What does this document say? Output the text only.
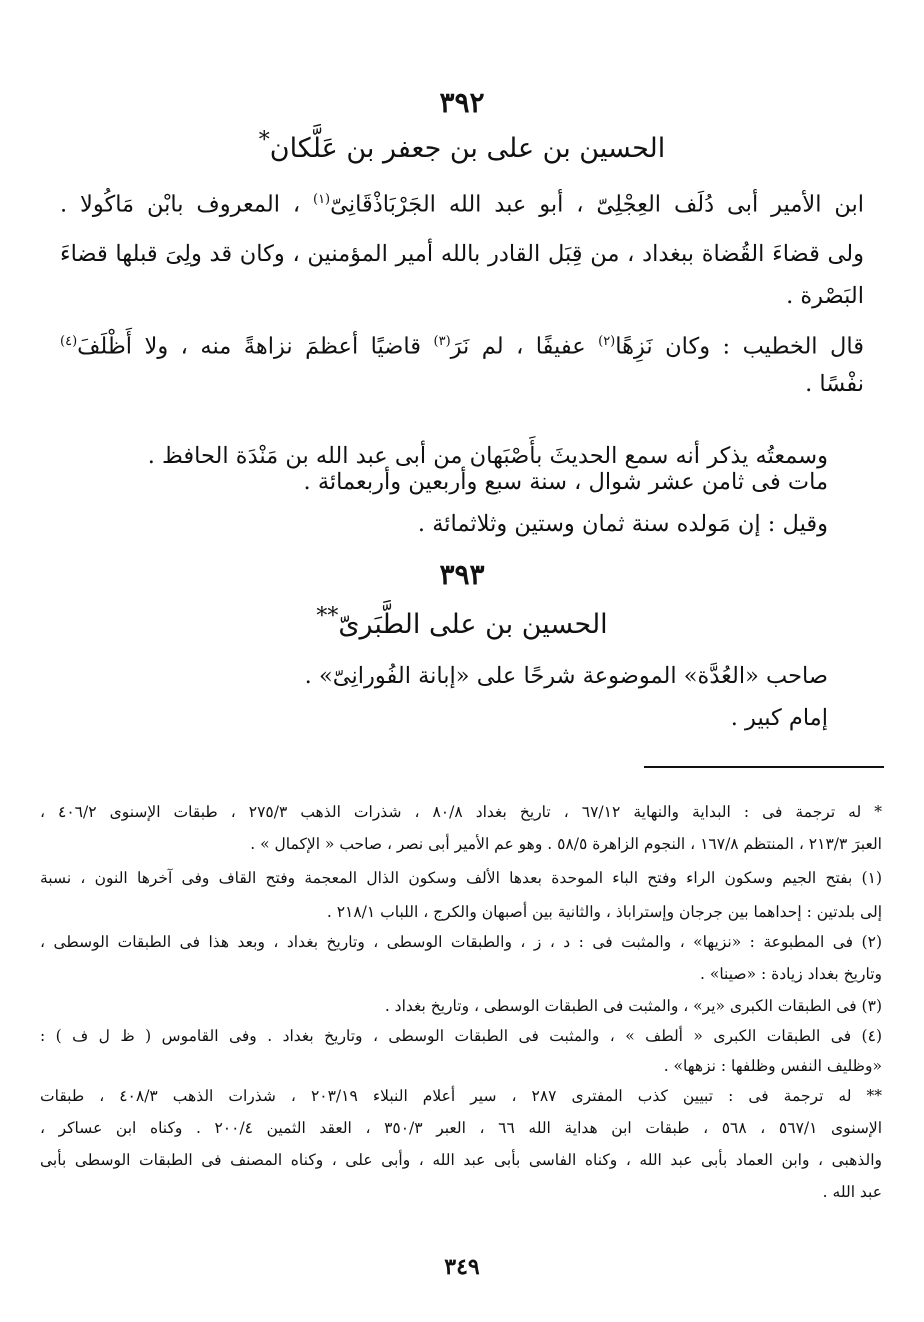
٣٩٢
الحسين بن على بن جعفر بن عَلَّكان*
ابن الأمير أبى دُلَف العِجْلِىّ ، أبو عبد الله الجَرْبَاذْقَانِىّ$^{(١)}$ ، المعروف بابْن مَاكُولا .
ولى قضاءَ القُضاة ببغداد ، من قِبَل القادر بالله أمير المؤمنين ، وكان قد ولِىَ قبلها قضاءَ
البَصْرة .
قال الخطيب : وكان نَزِهًا$^{(٢)}$ عفيفًا ، لم نَرَ$^{(٣)}$ قاضيًا أعظمَ نزاهةً منه ، ولا أَظْلَفَ$^{(٤)}$
نفْسًا .
وسمعتُه يذكر أنه سمع الحديثَ بأَصْبَهان من أبى عبد الله بن مَنْدَة الحافظ .
مات فى ثامن عشر شوال ، سنة سبع وأربعين وأربعمائة .
وقيل : إن مَولده سنة ثمان وستين وثلاثمائة .
٣٩٣
الحسين بن على الطَّبَرىّ**
صاحب «العُدَّة» الموضوعة شرحًا على «إبانة الفُورانِىّ» .
إمام كبير .
* له ترجمة فى : البداية والنهاية ٦٧/١٢ ، تاريخ بغداد ٨٠/٨ ، شذرات الذهب ٢٧٥/٣ ، طبقات الإسنوى ٤٠٦/٢ ،
العبرَ ٢١٣/٣ ، المنتظم ١٦٧/٨ ، النجوم الزاهرة ٥٨/٥ . وهو عم الأمير أبى نصر ، صاحب « الإكمال » .
(١) بفتح الجيم وسكون الراء وفتح الباء الموحدة بعدها الألف وسكون الذال المعجمة وفتح القاف وفى آخرها النون ، نسبة
إلى بلدتين : إحداهما بين جرجان وإستراباذ ، والثانية بين أصبهان والكرج ، اللباب ٢١٨/١ .
(٢) فى المطبوعة : «نزيها» ، والمثبت فى : د ، ز ، والطبقات الوسطى ، وتاريخ بغداد ، وبعد هذا فى الطبقات الوسطى ،
وتاريخ بغداد زيادة : «صينا» .
(٣) فى الطبقات الكبرى «ير» ، والمثبت فى الطبقات الوسطى ، وتاريخ بغداد .
(٤) فى الطبقات الكبرى « ألطف » ، والمثبت فى الطبقات الوسطى ، وتاريخ بغداد . وفى القاموس ( ظ ل ف ) :
«وظليف النفس وظلفها : نزهها» .
** له ترجمة فى : تبيين كذب المفترى ٢٨٧ ، سير أعلام النبلاء ٢٠٣/١٩ ، شذرات الذهب ٤٠٨/٣ ، طبقات
الإسنوى ٥٦٧/١ ، ٥٦٨ ، طبقات ابن هداية الله ٦٦ ، العبر ٣٥٠/٣ ، العقد الثمين ٢٠٠/٤ . وكناه ابن عساكر ،
والذهبى ، وابن العماد بأبى عبد الله ، وكناه الفاسى بأبى عبد الله ، وأبى على ، وكناه المصنف فى الطبقات الوسطى بأبى
عبد الله .
٣٤٩
